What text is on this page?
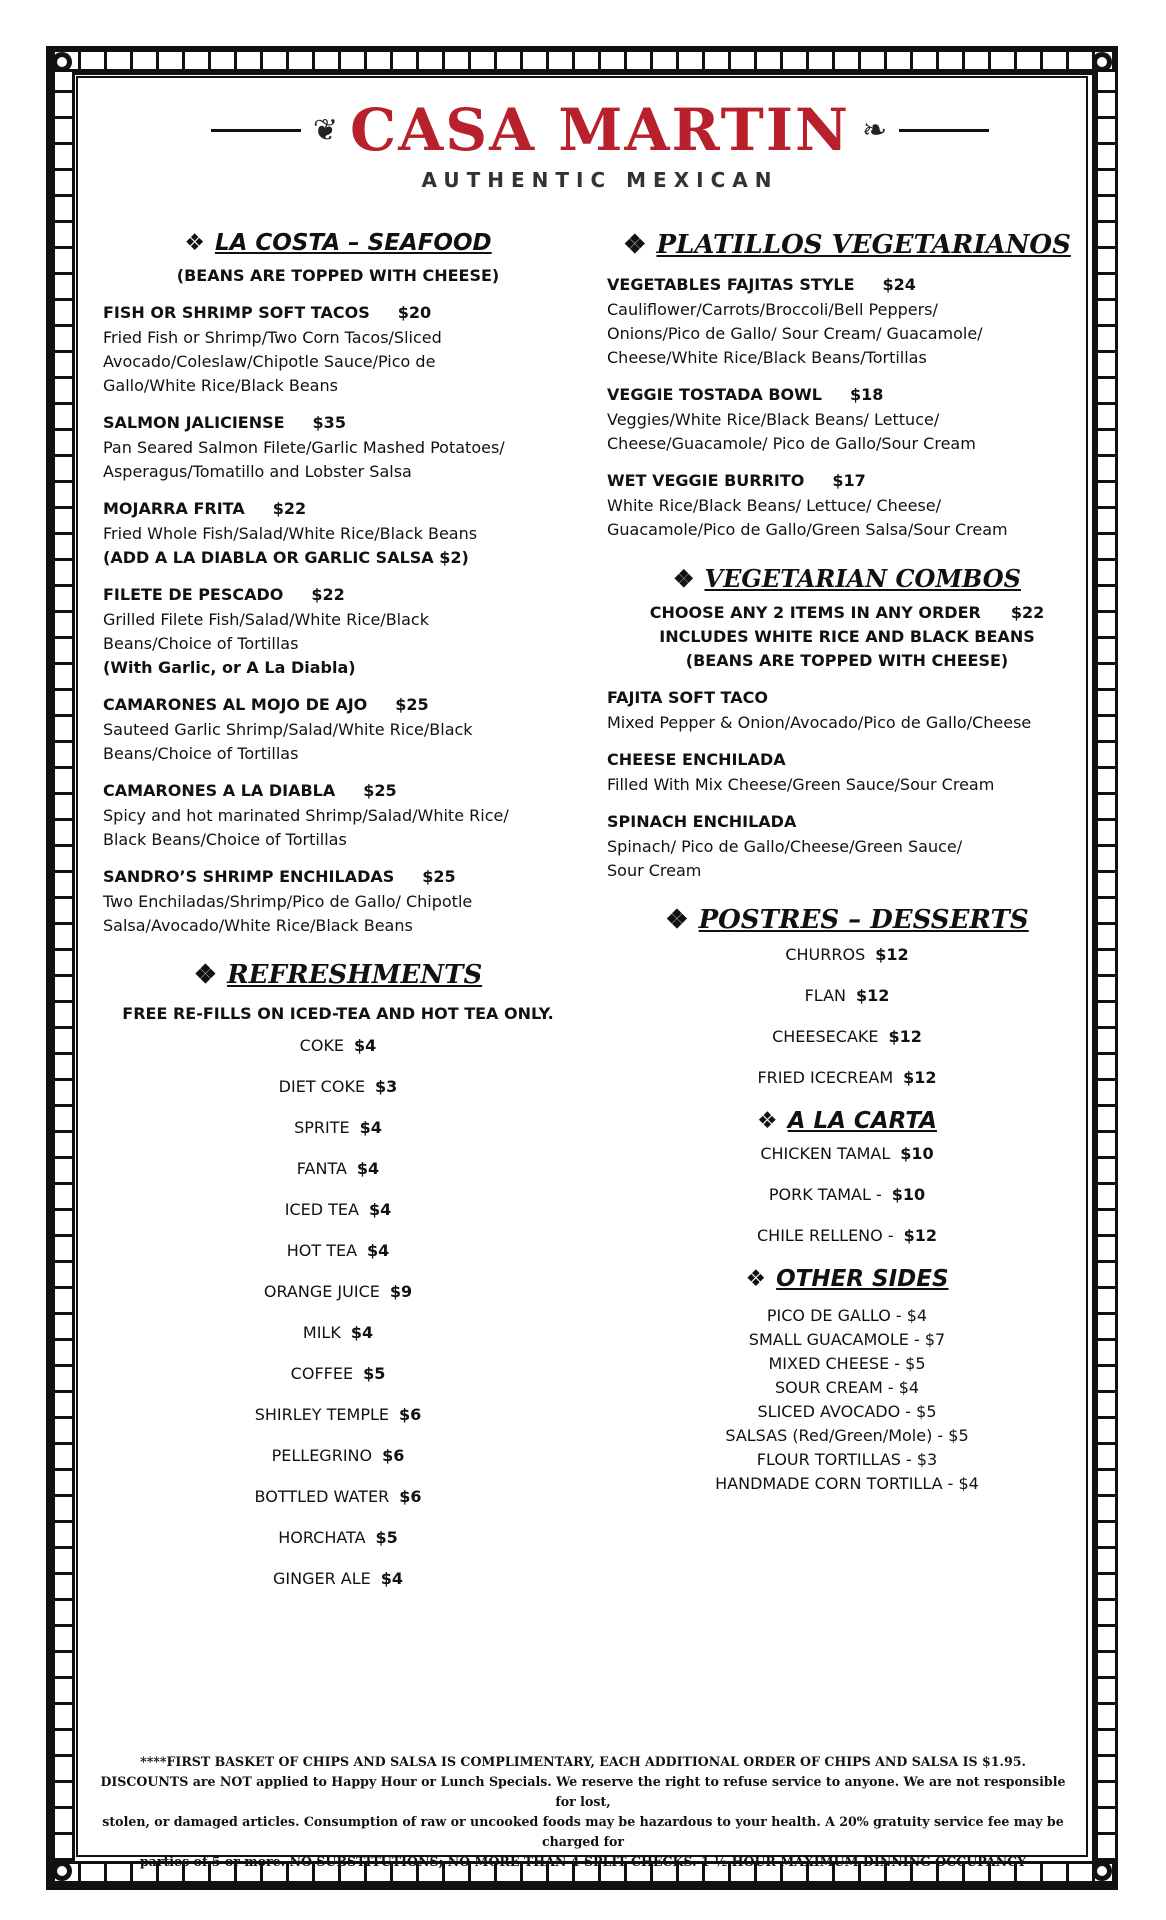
❦ CASA MARTIN ❧
AUTHENTIC MEXICAN
❖ LA COSTA – SEAFOOD
(BEANS ARE TOPPED WITH CHEESE)
FISH OR SHRIMP SOFT TACOS $20
Fried Fish or Shrimp/Two Corn Tacos/Sliced
Avocado/Coleslaw/Chipotle Sauce/Pico de
Gallo/White Rice/Black Beans
SALMON JALICIENSE $35
Pan Seared Salmon Filete/Garlic Mashed Potatoes/
Asperagus/Tomatillo and Lobster Salsa
MOJARRA FRITA $22
Fried Whole Fish/Salad/White Rice/Black Beans
(ADD A LA DIABLA OR GARLIC SALSA $2)
FILETE DE PESCADO $22
Grilled Filete Fish/Salad/White Rice/Black
Beans/Choice of Tortillas
(With Garlic, or A La Diabla)
CAMARONES AL MOJO DE AJO $25
Sauteed Garlic Shrimp/Salad/White Rice/Black
Beans/Choice of Tortillas
CAMARONES A LA DIABLA $25
Spicy and hot marinated Shrimp/Salad/White Rice/
Black Beans/Choice of Tortillas
SANDRO’S SHRIMP ENCHILADAS $25
Two Enchiladas/Shrimp/Pico de Gallo/ Chipotle
Salsa/Avocado/White Rice/Black Beans
❖ REFRESHMENTS
FREE RE-FILLS ON ICED-TEA AND HOT TEA ONLY.
COKE $4
DIET COKE $3
SPRITE $4
FANTA $4
ICED TEA $4
HOT TEA $4
ORANGE JUICE $9
MILK $4
COFFEE $5
SHIRLEY TEMPLE $6
PELLEGRINO $6
BOTTLED WATER $6
HORCHATA $5
GINGER ALE $4
❖ PLATILLOS VEGETARIANOS
VEGETABLES FAJITAS STYLE $24
Cauliflower/Carrots/Broccoli/Bell Peppers/
Onions/Pico de Gallo/ Sour Cream/ Guacamole/
Cheese/White Rice/Black Beans/Tortillas
VEGGIE TOSTADA BOWL $18
Veggies/White Rice/Black Beans/ Lettuce/
Cheese/Guacamole/ Pico de Gallo/Sour Cream
WET VEGGIE BURRITO $17
White Rice/Black Beans/ Lettuce/ Cheese/
Guacamole/Pico de Gallo/Green Salsa/Sour Cream
❖ VEGETARIAN COMBOS
CHOOSE ANY 2 ITEMS IN ANY ORDER $22
INCLUDES WHITE RICE AND BLACK BEANS
(BEANS ARE TOPPED WITH CHEESE)
FAJITA SOFT TACO
Mixed Pepper & Onion/Avocado/Pico de Gallo/Cheese
CHEESE ENCHILADA
Filled With Mix Cheese/Green Sauce/Sour Cream
SPINACH ENCHILADA
Spinach/ Pico de Gallo/Cheese/Green Sauce/
Sour Cream
❖ POSTRES – DESSERTS
CHURROS $12
FLAN $12
CHEESECAKE $12
FRIED ICECREAM $12
❖ A LA CARTA
CHICKEN TAMAL $10
PORK TAMAL - $10
CHILE RELLENO - $12
❖ OTHER SIDES
PICO DE GALLO - $4
SMALL GUACAMOLE - $7
MIXED CHEESE - $5
SOUR CREAM - $4
SLICED AVOCADO - $5
SALSAS (Red/Green/Mole) - $5
FLOUR TORTILLAS - $3
HANDMADE CORN TORTILLA - $4
****FIRST BASKET OF CHIPS AND SALSA IS COMPLIMENTARY, EACH ADDITIONAL ORDER OF CHIPS AND SALSA IS $1.95.
DISCOUNTS are NOT applied to Happy Hour or Lunch Specials. We reserve the right to refuse service to anyone. We are not responsible for lost,
stolen, or damaged articles. Consumption of raw or uncooked foods may be hazardous to your health. A 20% gratuity service fee may be charged for
parties of 5 or more. NO SUBSTITUTIONS; NO MORE THAN 4 SPLIT CHECKS. 1 ½ HOUR MAXIMUM DINNING OCCUPANCY
